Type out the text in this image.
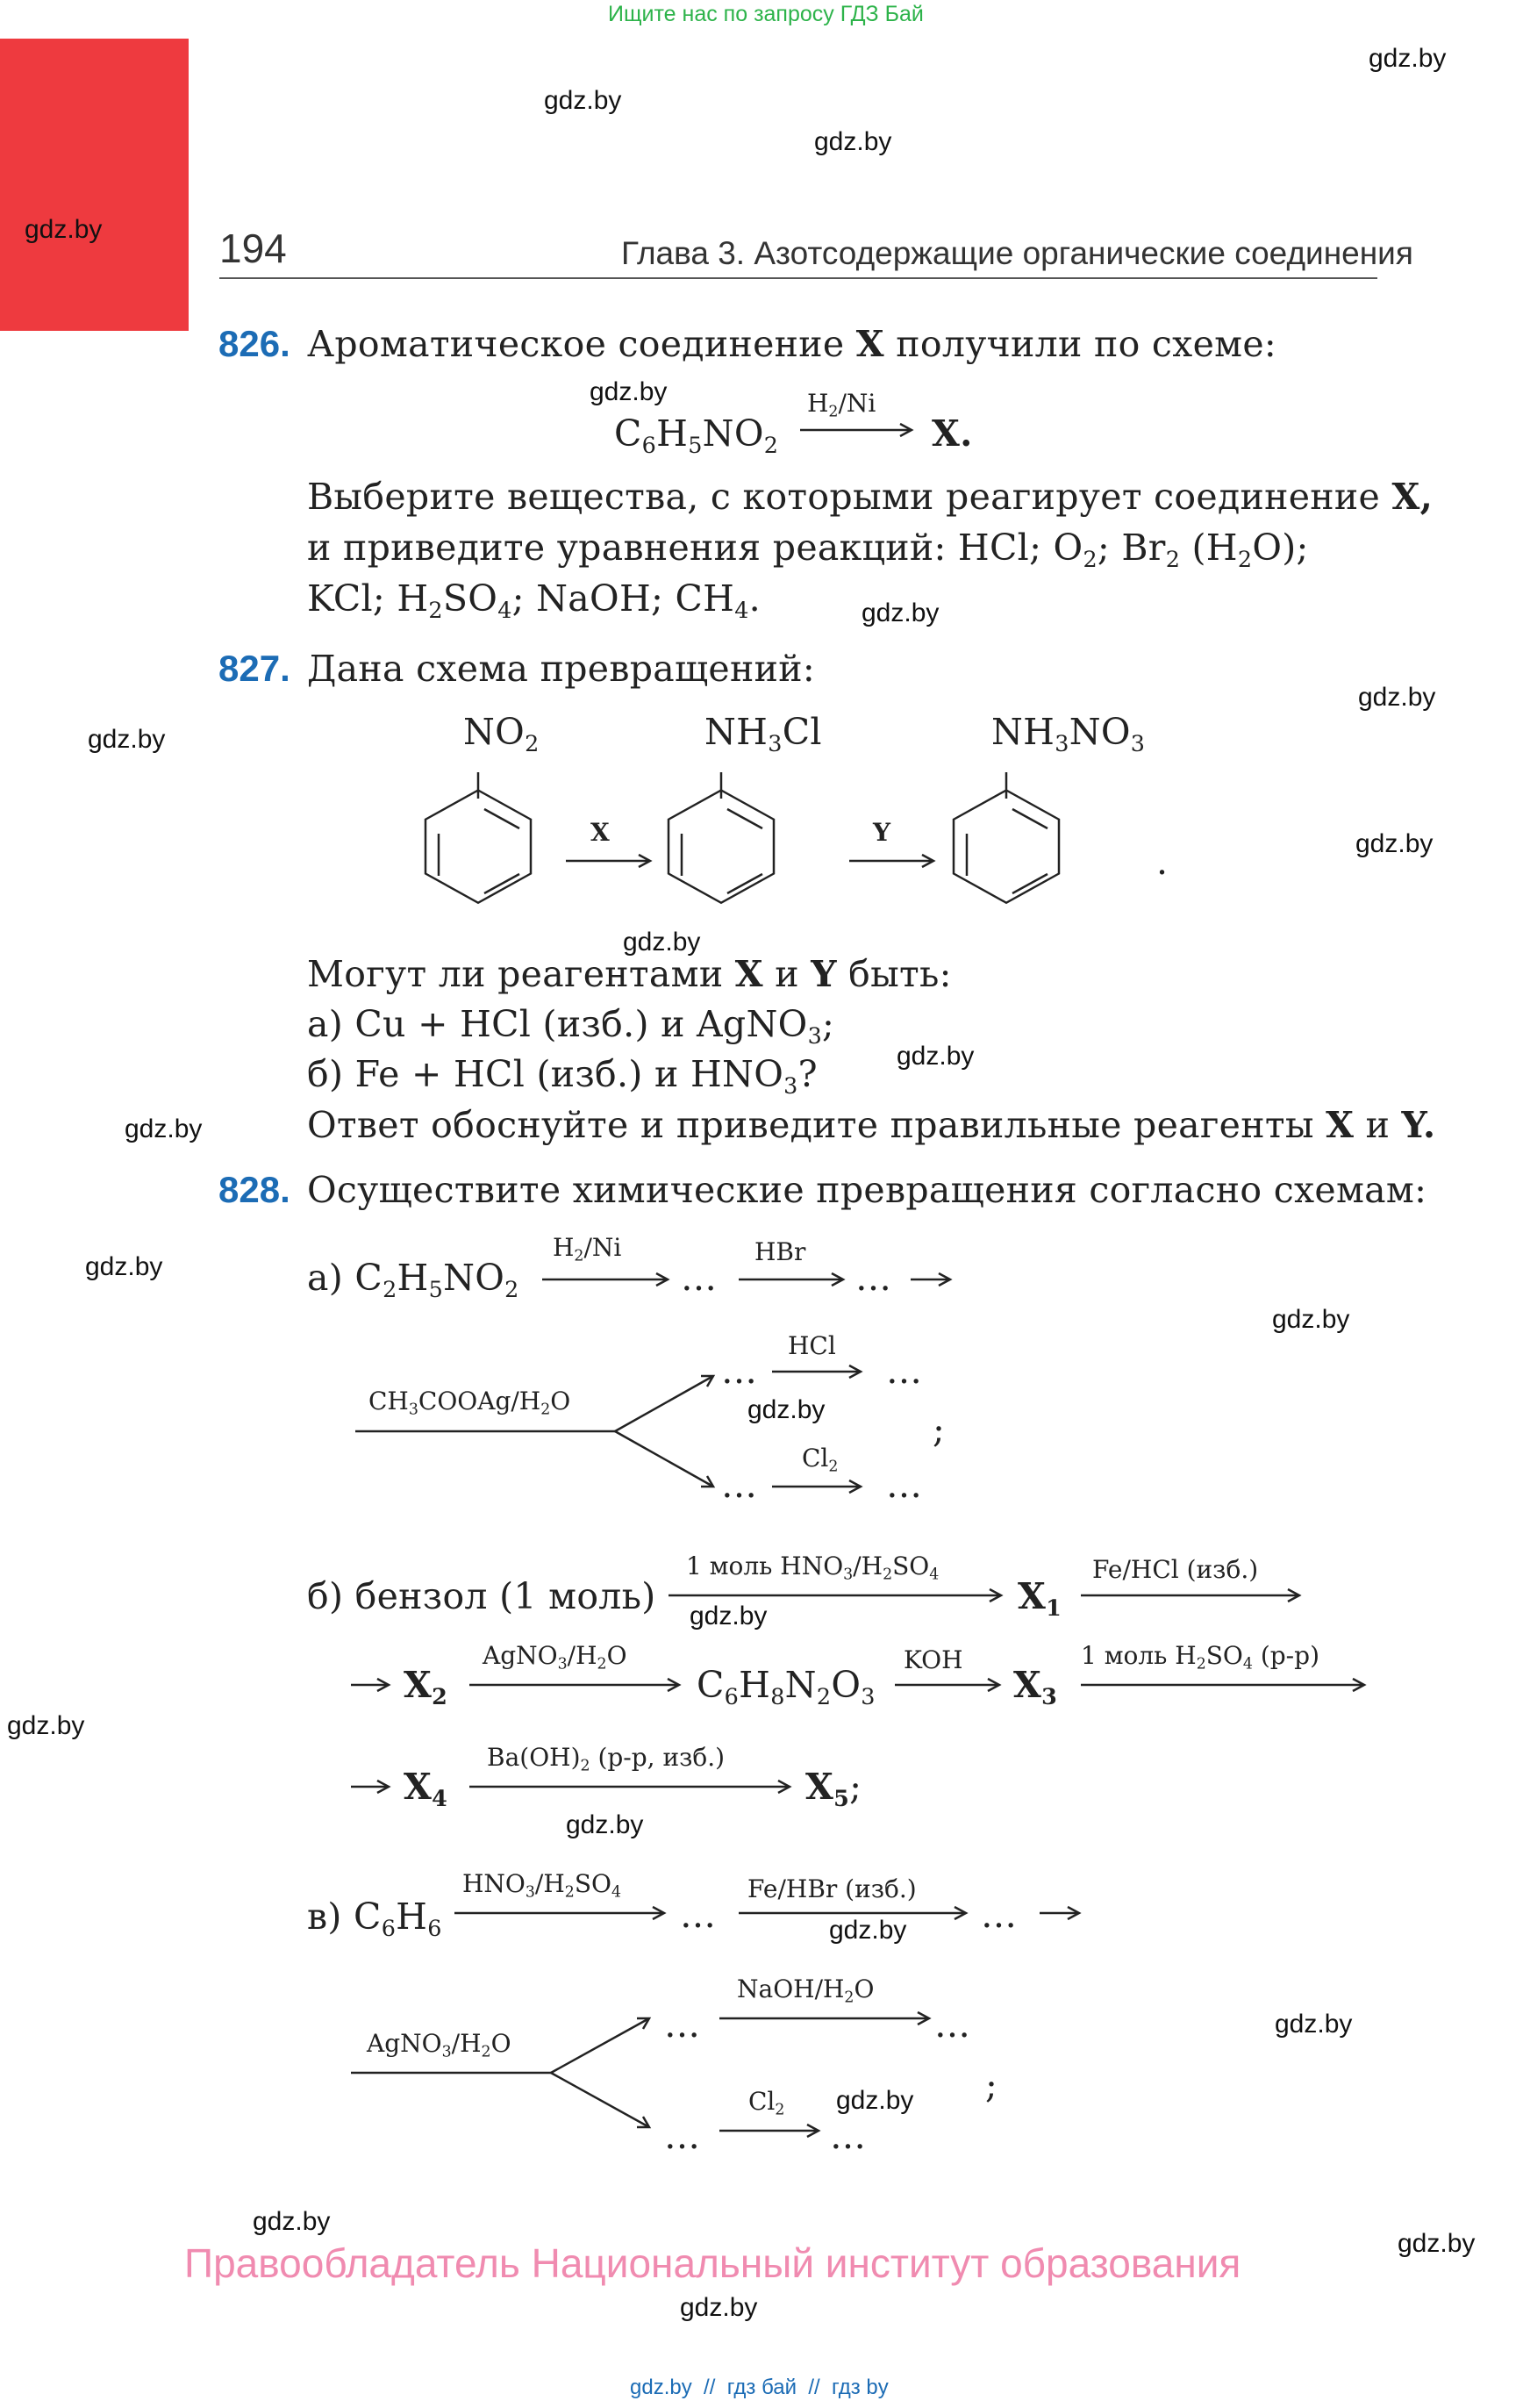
Ищите нас по запросу ГДЗ Бай
gdz.by
gdz.by
gdz.by
gdz.by
gdz.by
gdz.by
gdz.by
gdz.by
gdz.by
gdz.by
gdz.by
gdz.by
gdz.by
gdz.by
gdz.by
gdz.by
gdz.by
gdz.by
gdz.by
gdz.by
gdz.by
gdz.by
gdz.by
gdz.by
194	Глава 3. Азотсодержащие органические соединения
826. Ароматическое соединение X получили по схеме:
$C_6H_5NO_2$
$H_2/Ni$
X.
Выберите вещества, с которыми реагирует соединение X,
и приведите уравнения реакций: HCl; $O_2$; $Br_2$ $(H_2O)$;
KCl; $H_2SO_4$; NaOH; $CH_4$.
827. Дана схема превращений:
$NO_2$	$NH_3Cl$	$NH_3NO_3$
X	Y
.
Могут ли реагентами X и Y быть:
а) Cu + HCl (изб.) и AgNO$_3$;
б) Fe + HCl (изб.) и $HNO_3$?
Ответ обоснуйте и приведите правильные реагенты X и Y.
828. Осуществите химические превращения согласно схемам:
а) $C_2H_5NO_2$
$H_2/Ni$
…
HBr
…
$CH_3COOAg/H_2O$
…
HCl
…
;
…
$Cl_2$ …
б) бензол (1 моль)
1 моль $HNO_3/H_2SO_4$
$X_1$
Fe/HCl (изб.)
$X_2$
$AgNO_3/H_2O$
$C_6H_8N_2O_3$
KOH
$X_3$
1 моль $H_2SO_4$ (р-р)
$X_4$
$Ba(OH)_2$ (р-р, изб.)
$X_5$;
в) $C_6H_6$
$HNO_3/H_2SO_4$
…
Fe/HBr (изб.)
…
$AgNO_3/H_2O$	…
NaOH/$H_2O$
…
;
…
$Cl_2$
…
Правообладатель Национальный институт образования
gdz.by  //  гдз бай  //  гдз by
